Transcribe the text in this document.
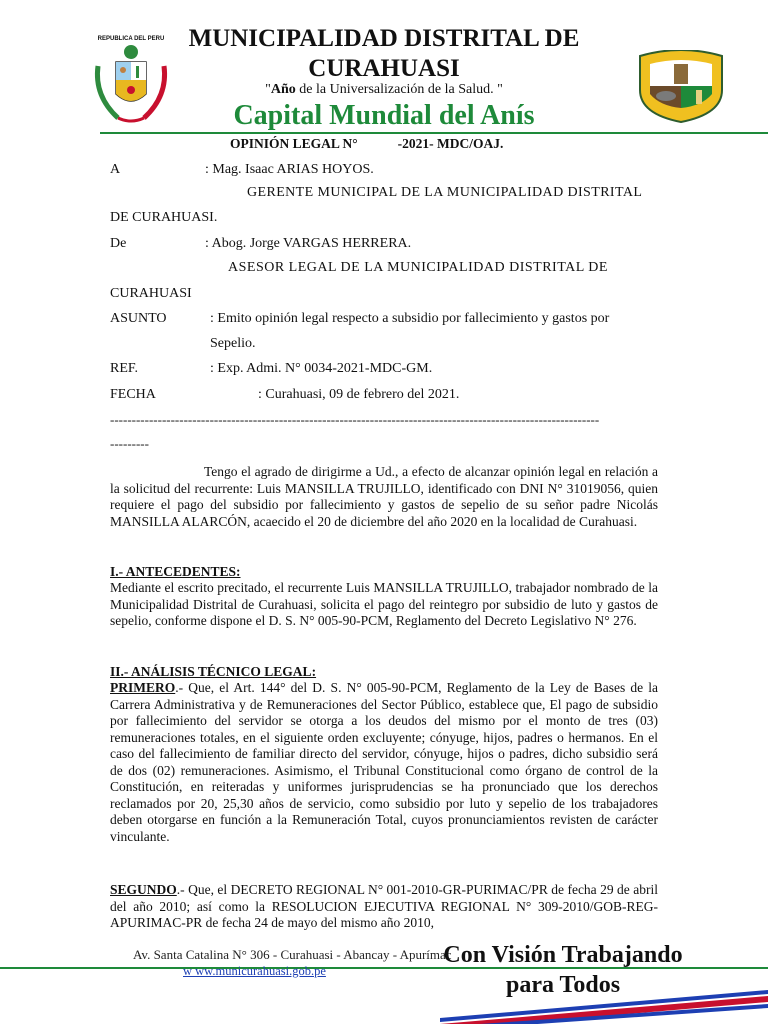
REPUBLICA DEL PERU MUNICIPALIDAD DISTRITAL DE CURAHUASI
"Año de la Universalización de la Salud. "
Capital Mundial del Anís
OPINIÓN LEGAL N°	-2021- MDC/OAJ.
A	: Mag. Isaac ARIAS HOYOS.
GERENTE MUNICIPAL DE LA MUNICIPALIDAD DISTRITAL
DE CURAHUASI.
De	: Abog. Jorge VARGAS HERRERA.
ASESOR LEGAL DE LA MUNICIPALIDAD DISTRITAL DE
CURAHUASI
ASUNTO	: Emito opinión legal respecto a subsidio por fallecimiento y gastos por
Sepelio.
REF.	: Exp. Admi. N° 0034-2021-MDC-GM.
FECHA	: Curahuasi, 09 de febrero del 2021.
-----------------------------------------------------------------------------------------------------------------
---------
Tengo el agrado de dirigirme a Ud., a efecto de alcanzar opinión legal en relación a la solicitud del recurrente: Luis MANSILLA TRUJILLO, identificado con DNI N° 31019056, quien requiere el pago del subsidio por fallecimiento y gastos de sepelio de su señor padre Nicolás MANSILLA ALARCÓN, acaecido el 20 de diciembre del año 2020 en la localidad de Curahuasi.
I.- ANTECEDENTES:
Mediante el escrito precitado, el recurrente Luis MANSILLA TRUJILLO, trabajador nombrado de la Municipalidad Distrital de Curahuasi, solicita el pago del reintegro por subsidio de luto y gastos de sepelio, conforme dispone el D. S. N° 005-90-PCM, Reglamento del Decreto Legislativo N° 276.
II.- ANÁLISIS TÉCNICO LEGAL:
PRIMERO.- Que, el Art. 144° del D. S. N° 005-90-PCM, Reglamento de la Ley de Bases de la Carrera Administrativa y de Remuneraciones del Sector Público, establece que, El pago de subsidio por fallecimiento del servidor se otorga a los deudos del mismo por el monto de tres (03) remuneraciones totales, en el siguiente orden excluyente; cónyuge, hijos, padres o hermanos. En el caso del fallecimiento de familiar directo del servidor, cónyuge, hijos o padres, dicho subsidio será de dos (02) remuneraciones. Asimismo, el Tribunal Constitucional como órgano de control de la Constitución, en reiteradas y uniformes jurisprudencias se ha pronunciado que los derechos reclamados por 20, 25,30 años de servicio, como subsidio por luto y sepelio de los trabajadores deben otorgarse en función a la Remuneración Total, cuyos pronunciamientos revisten de carácter vinculante.
SEGUNDO.- Que, el DECRETO REGIONAL N° 001-2010-GR-PURIMAC/PR de fecha 29 de abril del año 2010; así como la RESOLUCION EJECUTIVA REGIONAL N° 309-2010/GOB-REG-APURIMAC-PR de fecha 24 de mayo del mismo año 2010,
Av. Santa Catalina N° 306 - Curahuasi - Abancay - Apurímac
w ww.municurahuasi.gob.pe
Con Visión Trabajando
para Todos
